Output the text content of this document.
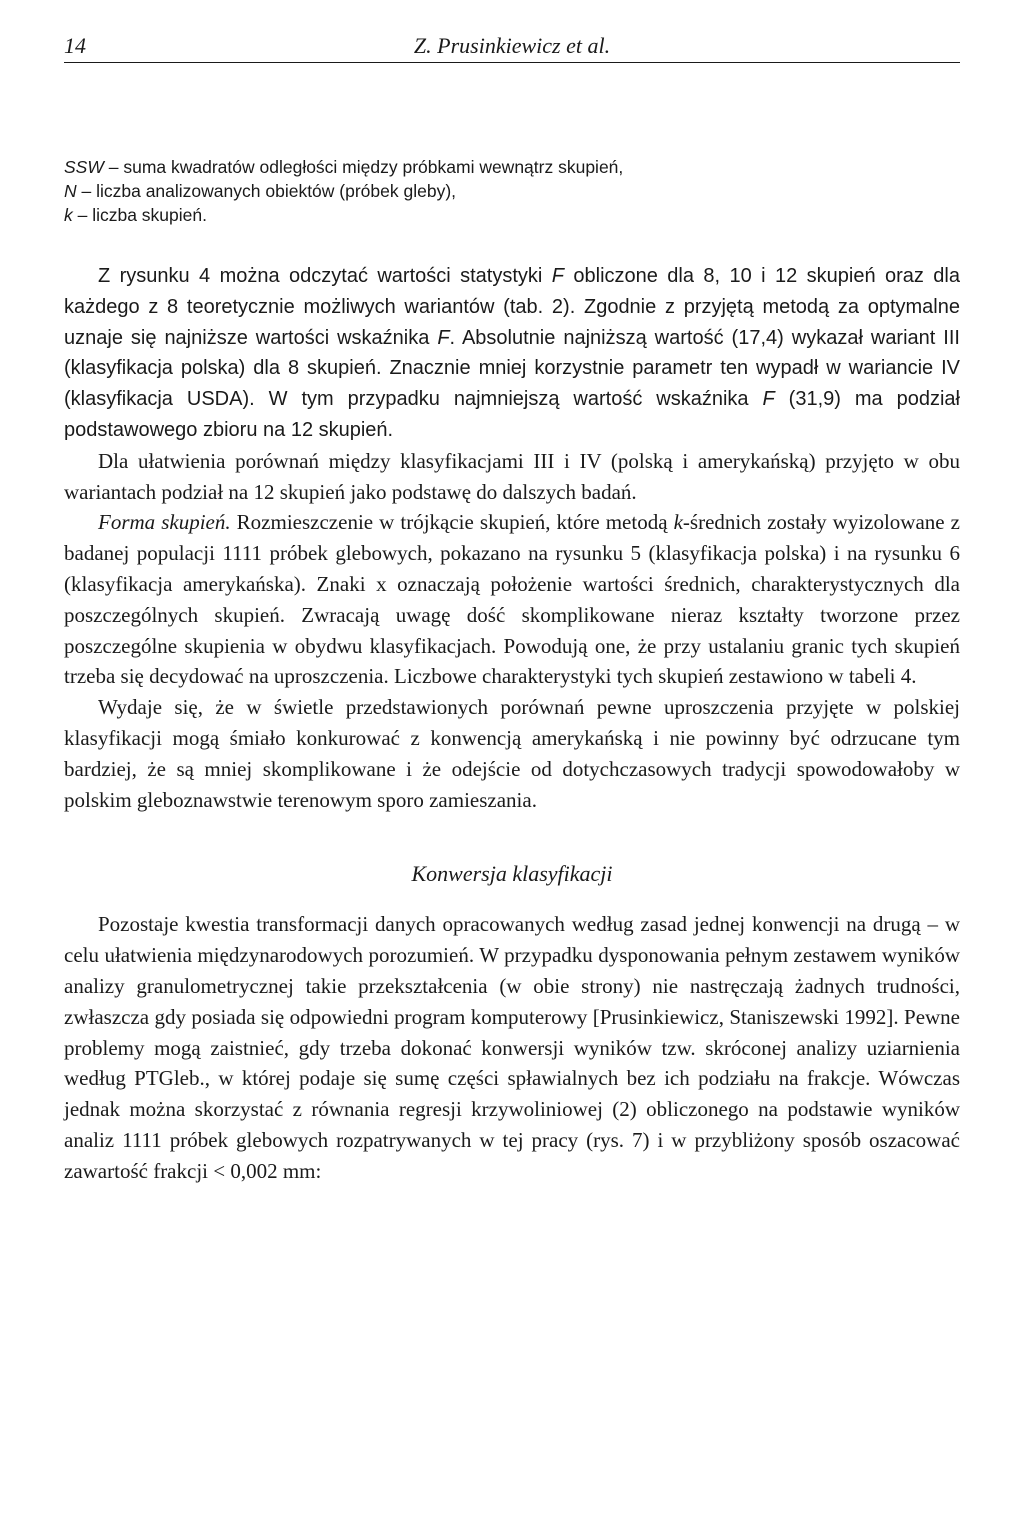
14	Z. Prusinkiewicz et al.
SSW – suma kwadratów odległości między próbkami wewnątrz skupień,
N – liczba analizowanych obiektów (próbek gleby),
k – liczba skupień.

Z rysunku 4 można odczytać wartości statystyki F obliczone dla 8, 10 i 12 skupień oraz dla każdego z 8 teoretycznie możliwych wariantów (tab. 2). Zgodnie z przyjętą metodą za optymalne uznaje się najniższe wartości wskaźnika F. Absolutnie najniższą wartość (17,4) wykazał wariant III (klasyfikacja polska) dla 8 skupień. Znacznie mniej korzystnie parametr ten wypadł w wariancie IV (klasyfikacja USDA). W tym przypadku najmniejszą wartość wskaźnika F (31,9) ma podział podstawowego zbioru na 12 skupień.

Dla ułatwienia porównań między klasyfikacjami III i IV (polską i amerykańską) przyjęto w obu wariantach podział na 12 skupień jako podstawę do dalszych badań.

Forma skupień. Rozmieszczenie w trójkącie skupień, które metodą k-średnich zostały wyizolowane z badanej populacji 1111 próbek glebowych, pokazano na rysunku 5 (klasyfikacja polska) i na rysunku 6 (klasyfikacja amerykańska). Znaki x oznaczają położenie wartości średnich, charakterystycznych dla poszczególnych skupień. Zwracają uwagę dość skomplikowane nieraz kształty tworzone przez poszczególne skupienia w obydwu klasyfikacjach. Powodują one, że przy ustalaniu granic tych skupień trzeba się decydować na uproszczenia. Liczbowe charakterystyki tych skupień zestawiono w tabeli 4.

Wydaje się, że w świetle przedstawionych porównań pewne uproszczenia przyjęte w polskiej klasyfikacji mogą śmiało konkurować z konwencją amerykańską i nie powinny być odrzucane tym bardziej, że są mniej skomplikowane i że odejście od dotychczasowych tradycji spowodowałoby w polskim gleboznawstwie terenowym sporo zamieszania.

Konwersja klasyfikacji

Pozostaje kwestia transformacji danych opracowanych według zasad jednej konwencji na drugą – w celu ułatwienia międzynarodowych porozumień. W przypadku dysponowania pełnym zestawem wyników analizy granulometrycznej takie przekształcenia (w obie strony) nie nastręczają żadnych trudności, zwłaszcza gdy posiada się odpowiedni program komputerowy [Prusinkiewicz, Staniszewski 1992]. Pewne problemy mogą zaistnieć, gdy trzeba dokonać konwersji wyników tzw. skróconej analizy uziarnienia według PTGleb., w której podaje się sumę części spławialnych bez ich podziału na frakcje. Wówczas jednak można skorzystać z równania regresji krzywoliniowej (2) obliczonego na podstawie wyników analiz 1111 próbek glebowych rozpatrywanych w tej pracy (rys. 7) i w przybliżony sposób oszacować zawartość frakcji < 0,002 mm:
